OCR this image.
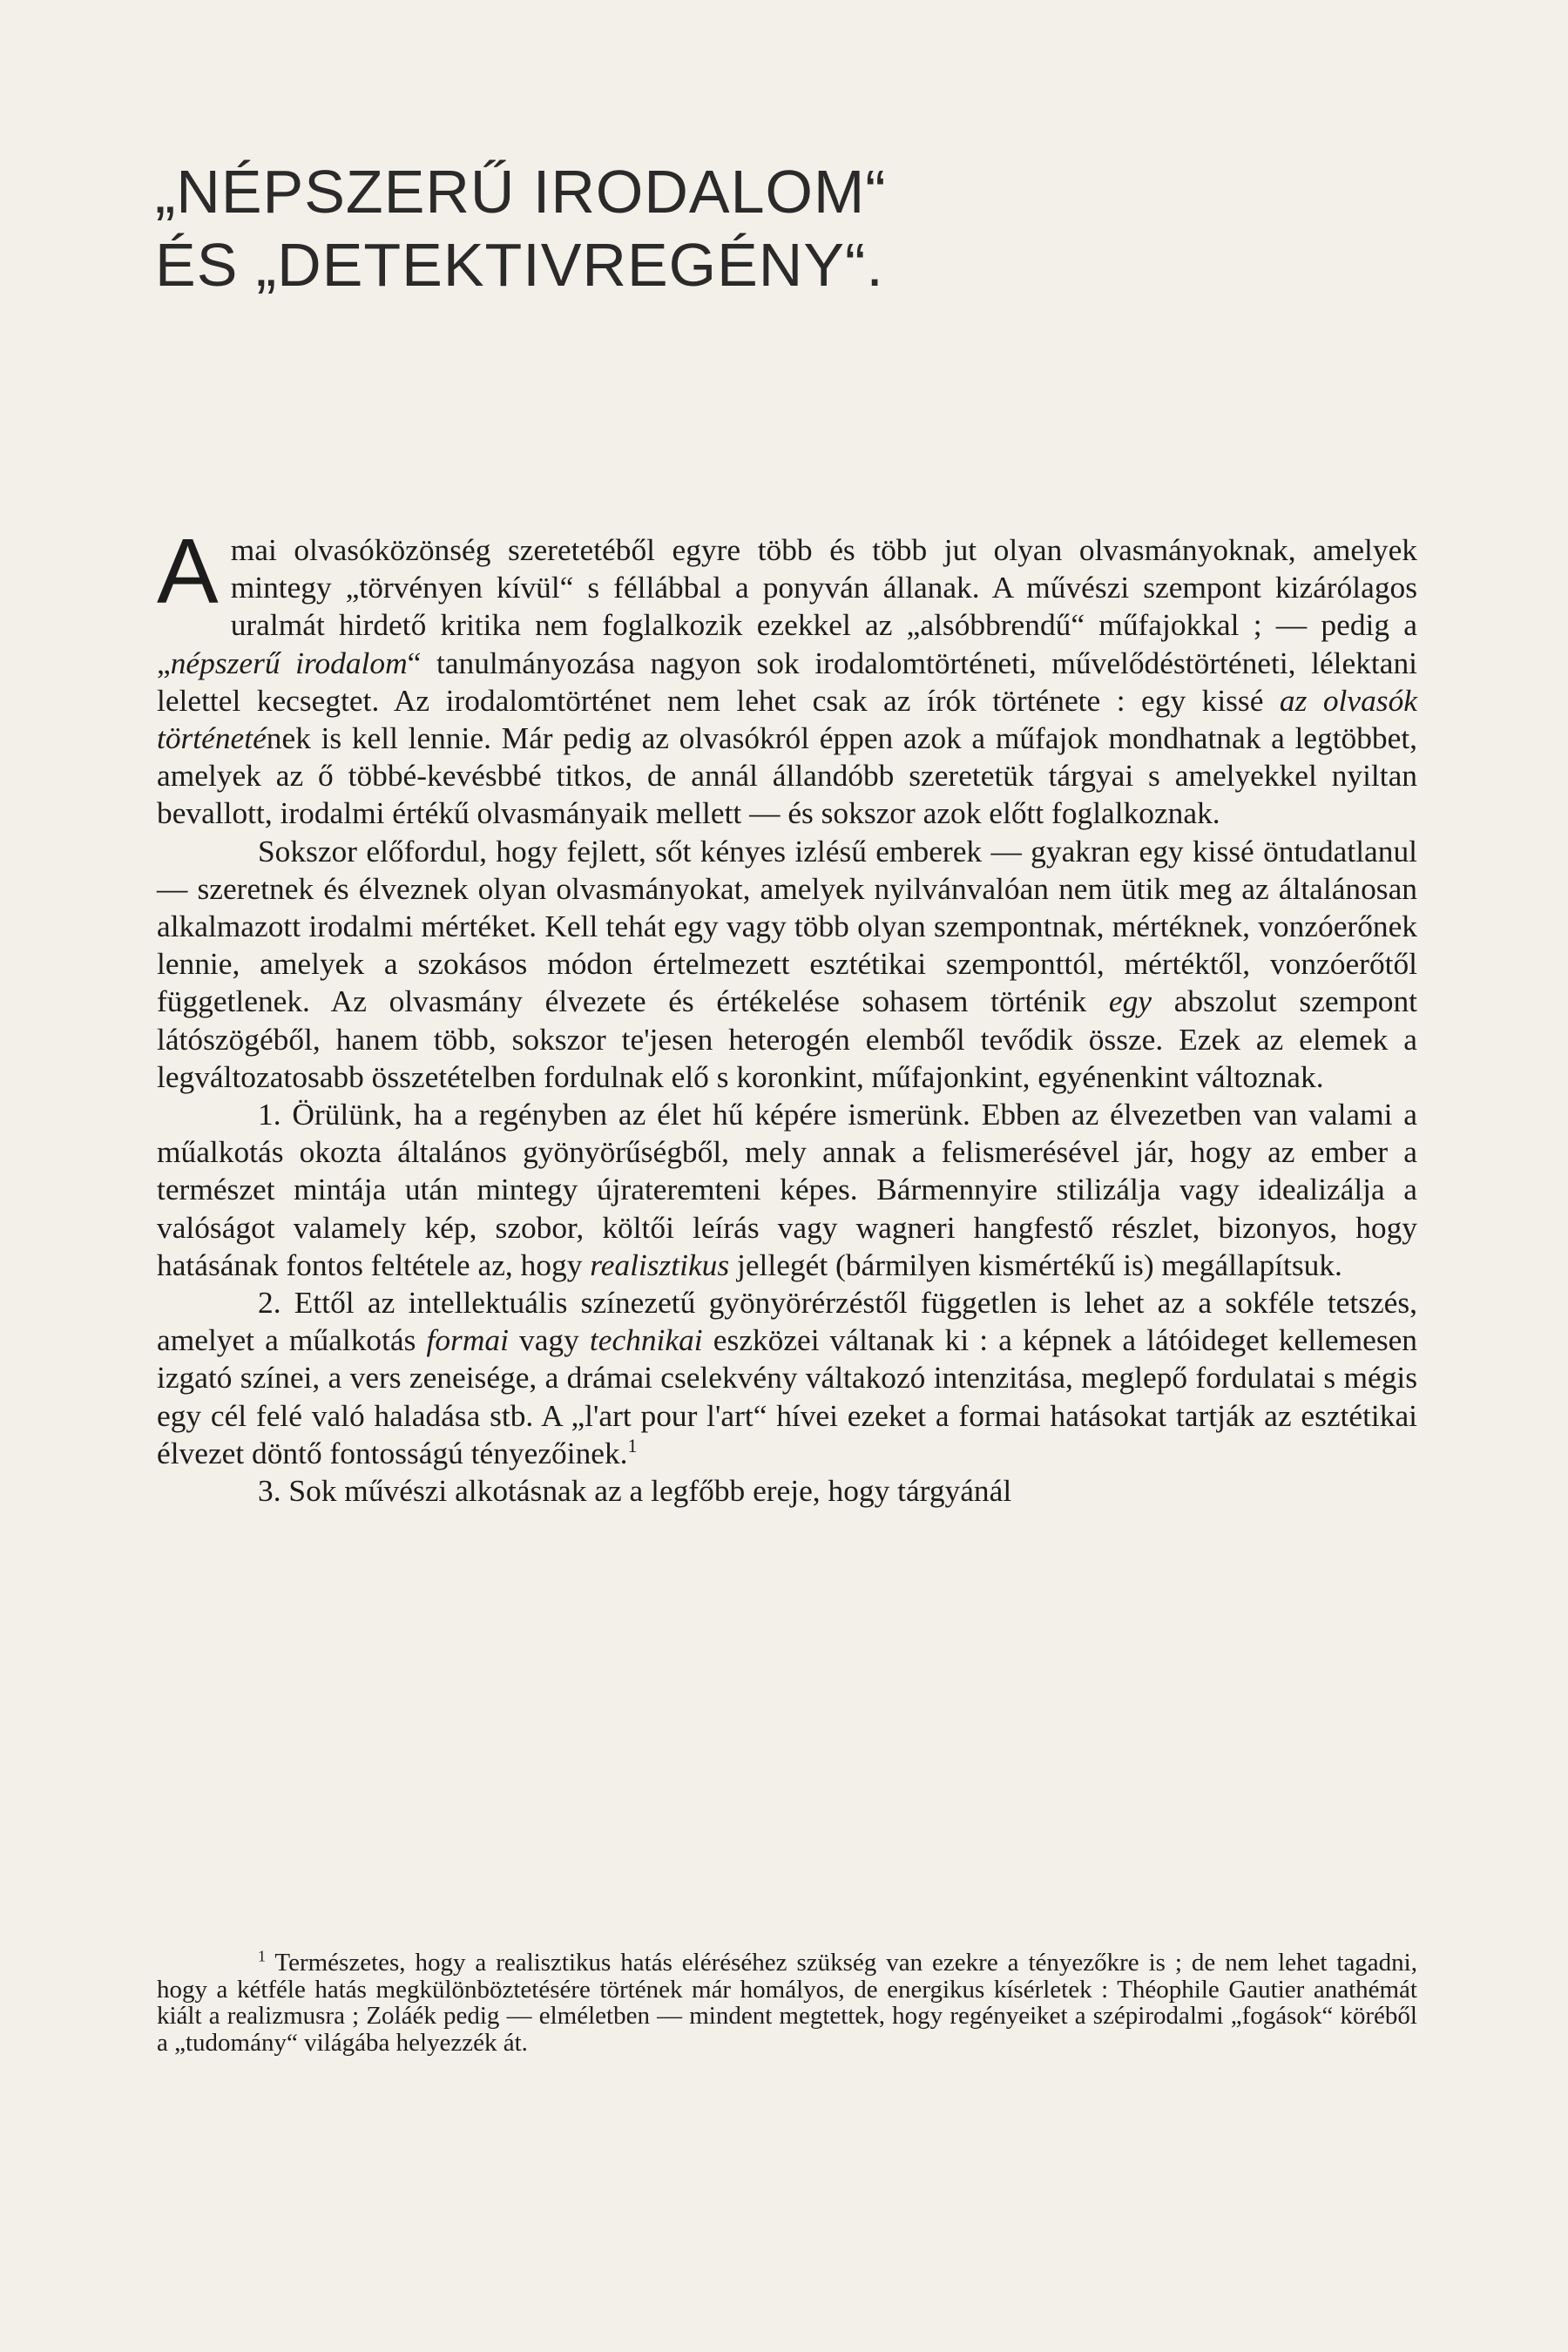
„NÉPSZERŰ IRODALOM“
ÉS „DETEKTIVREGÉNY“.

Amai olvasóközönség szeretetéből egyre több és több jut olyan olvasmányoknak, amelyek mintegy „törvényen kívül“ s féllábbal a ponyván állanak. A művészi szempont kizárólagos uralmát hirdető kritika nem foglalkozik ezekkel az „alsóbbrendű“ műfajokkal ; — pedig a „népszerű irodalom“ tanulmányozása nagyon sok irodalomtörténeti, művelődéstörténeti, lélektani lelettel kecsegtet. Az irodalomtörténet nem lehet csak az írók története : egy kissé az olvasók történetének is kell lennie. Már pedig az olvasókról éppen azok a műfajok mondhatnak a legtöbbet, amelyek az ő többé-kevésbbé titkos, de annál állandóbb szeretetük tárgyai s amelyekkel nyiltan bevallott, irodalmi értékű olvasmányaik mellett — és sokszor azok előtt foglalkoznak.

Sokszor előfordul, hogy fejlett, sőt kényes izlésű emberek — gyakran egy kissé öntudatlanul — szeretnek és élveznek olyan olvasmányokat, amelyek nyilvánvalóan nem ütik meg az általánosan alkalmazott irodalmi mértéket. Kell tehát egy vagy több olyan szempontnak, mértéknek, vonzóerőnek lennie, amelyek a szokásos módon értelmezett esztétikai szemponttól, mértéktől, vonzóerőtől függetlenek. Az olvasmány élvezete és értékelése sohasem történik egy abszolut szempont látószögéből, hanem több, sokszor te'jesen heterogén elemből tevődik össze. Ezek az elemek a legváltozatosabb összetételben fordulnak elő s koronkint, műfajonkint, egyénenkint változnak.

1. Örülünk, ha a regényben az élet hű képére ismerünk. Ebben az élvezetben van valami a műalkotás okozta általános gyönyörűségből, mely annak a felismerésével jár, hogy az ember a természet mintája után mintegy újrateremteni képes. Bármennyire stilizálja vagy idealizálja a valóságot valamely kép, szobor, költői leírás vagy wagneri hangfestő részlet, bizonyos, hogy hatásának fontos feltétele az, hogy realisztikus jellegét (bármilyen kismértékű is) megállapítsuk.

2. Ettől az intellektuális színezetű gyönyörérzéstől független is lehet az a sokféle tetszés, amelyet a műalkotás formai vagy technikai eszközei váltanak ki : a képnek a látóideget kellemesen izgató színei, a vers zeneisége, a drámai cselekvény váltakozó intenzitása, meglepő fordulatai s mégis egy cél felé való haladása stb. A „l'art pour l'art“ hívei ezeket a formai hatásokat tartják az esztétikai élvezet döntő fontosságú tényezőinek.$^1$

3. Sok művészi alkotásnak az a legfőbb ereje, hogy tárgyánál

$^1$ Természetes, hogy a realisztikus hatás eléréséhez szükség van ezekre a tényezőkre is ; de nem lehet tagadni, hogy a kétféle hatás megkülönböztetésére történek már homályos, de energikus kísérletek : Théophile Gautier anathémát kiált a realizmusra ; Zoláék pedig — elméletben — mindent megtettek, hogy regényeiket a szépirodalmi „fogások“ köréből a „tudomány“ világába helyezzék át.
